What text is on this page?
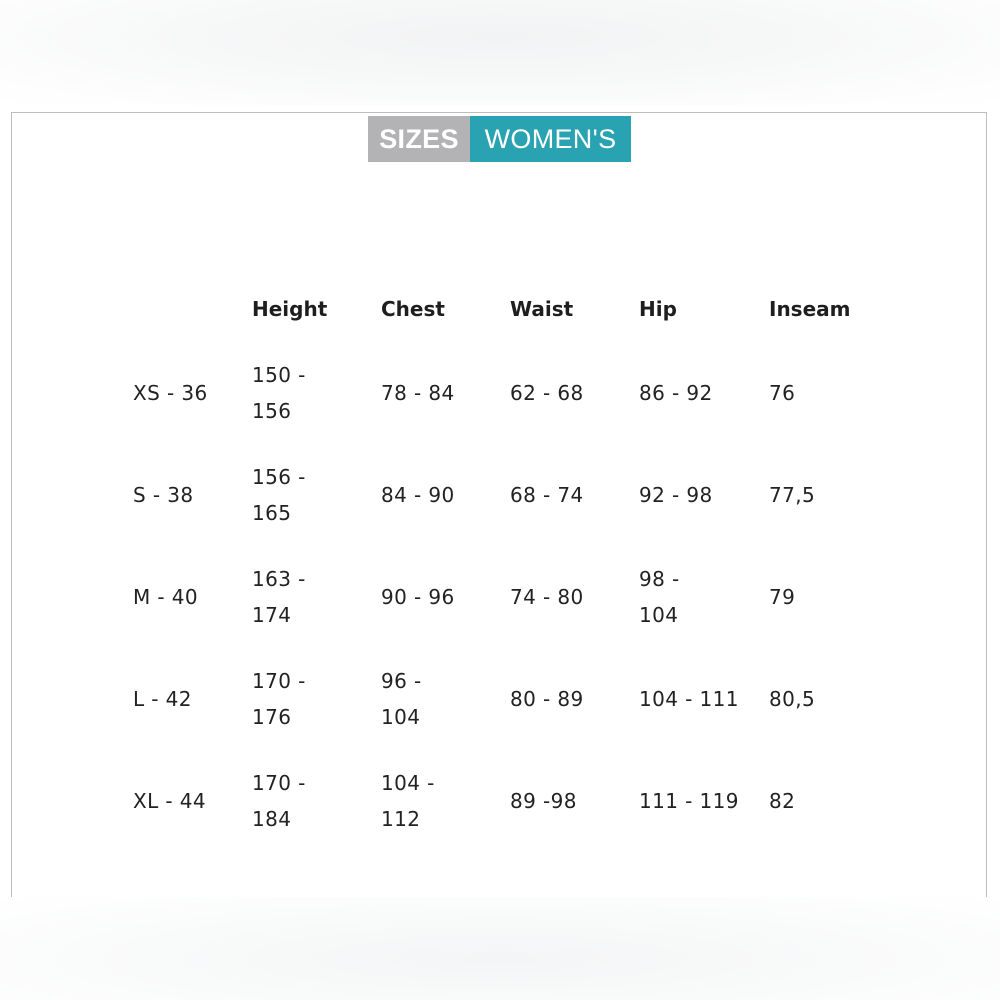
SIZES WOMEN'S
	Height	Chest	Waist	Hip	Inseam

XS - 36	150 - 156	78 - 84	62 - 68	86 - 92	76

S - 38	156 - 165	84 - 90	68 - 74	92 - 98	77,5

M - 40	163 - 174	90 - 96	74 - 80	98 - 104	79

L - 42	170 - 176	96 - 104	80 - 89	104 - 111	80,5

XL - 44	170 - 184	104 - 112	89 -98	111 - 119	82
